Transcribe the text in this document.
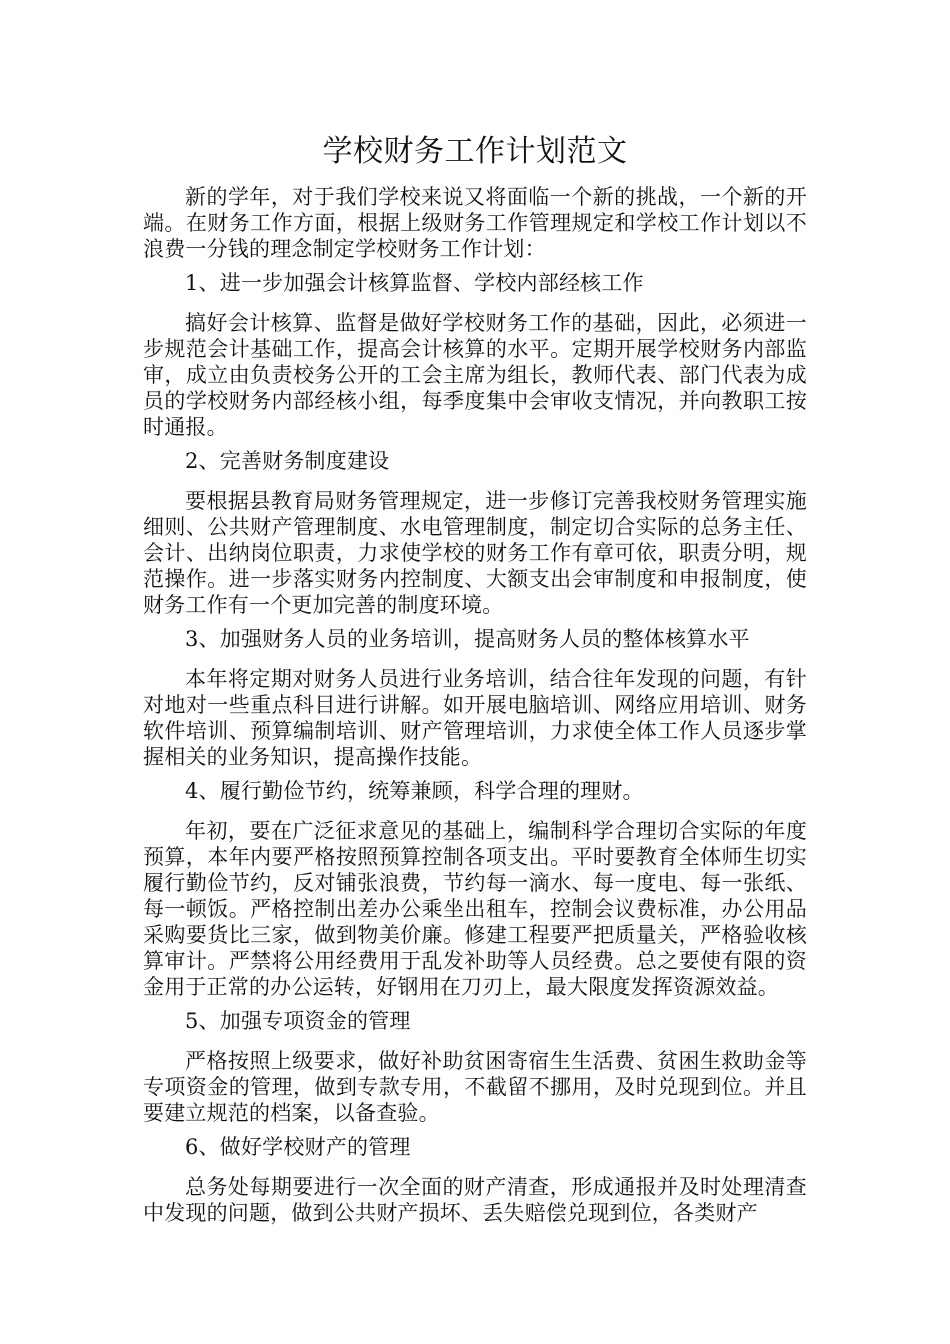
学校财务工作计划范文

新的学年，对于我们学校来说又将面临一个新的挑战，一个新的开端。在财务工作方面，根据上级财务工作管理规定和学校工作计划以不浪费一分钱的理念制定学校财务工作计划：

1、进一步加强会计核算监督、学校内部经核工作

搞好会计核算、监督是做好学校财务工作的基础，因此，必须进一步规范会计基础工作，提高会计核算的水平。定期开展学校财务内部监审，成立由负责校务公开的工会主席为组长，教师代表、部门代表为成员的学校财务内部经核小组，每季度集中会审收支情况，并向教职工按时通报。

2、完善财务制度建设

要根据县教育局财务管理规定，进一步修订完善我校财务管理实施细则、公共财产管理制度、水电管理制度，制定切合实际的总务主任、会计、出纳岗位职责，力求使学校的财务工作有章可依，职责分明，规范操作。进一步落实财务内控制度、大额支出会审制度和申报制度，使财务工作有一个更加完善的制度环境。

3、加强财务人员的业务培训，提高财务人员的整体核算水平

本年将定期对财务人员进行业务培训，结合往年发现的问题，有针对地对一些重点科目进行讲解。如开展电脑培训、网络应用培训、财务软件培训、预算编制培训、财产管理培训，力求使全体工作人员逐步掌握相关的业务知识，提高操作技能。

4、履行勤俭节约，统筹兼顾，科学合理的理财。

年初，要在广泛征求意见的基础上，编制科学合理切合实际的年度预算，本年内要严格按照预算控制各项支出。平时要教育全体师生切实履行勤俭节约，反对铺张浪费，节约每一滴水、每一度电、每一张纸、每一顿饭。严格控制出差办公乘坐出租车，控制会议费标准，办公用品采购要货比三家，做到物美价廉。修建工程要严把质量关，严格验收核算审计。严禁将公用经费用于乱发补助等人员经费。总之要使有限的资金用于正常的办公运转，好钢用在刀刃上，最大限度发挥资源效益。

5、加强专项资金的管理

严格按照上级要求，做好补助贫困寄宿生生活费、贫困生救助金等专项资金的管理，做到专款专用，不截留不挪用，及时兑现到位。并且要建立规范的档案，以备查验。

6、做好学校财产的管理

总务处每期要进行一次全面的财产清查，形成通报并及时处理清查中发现的问题，做到公共财产损坏、丢失赔偿兑现到位，各类财产
